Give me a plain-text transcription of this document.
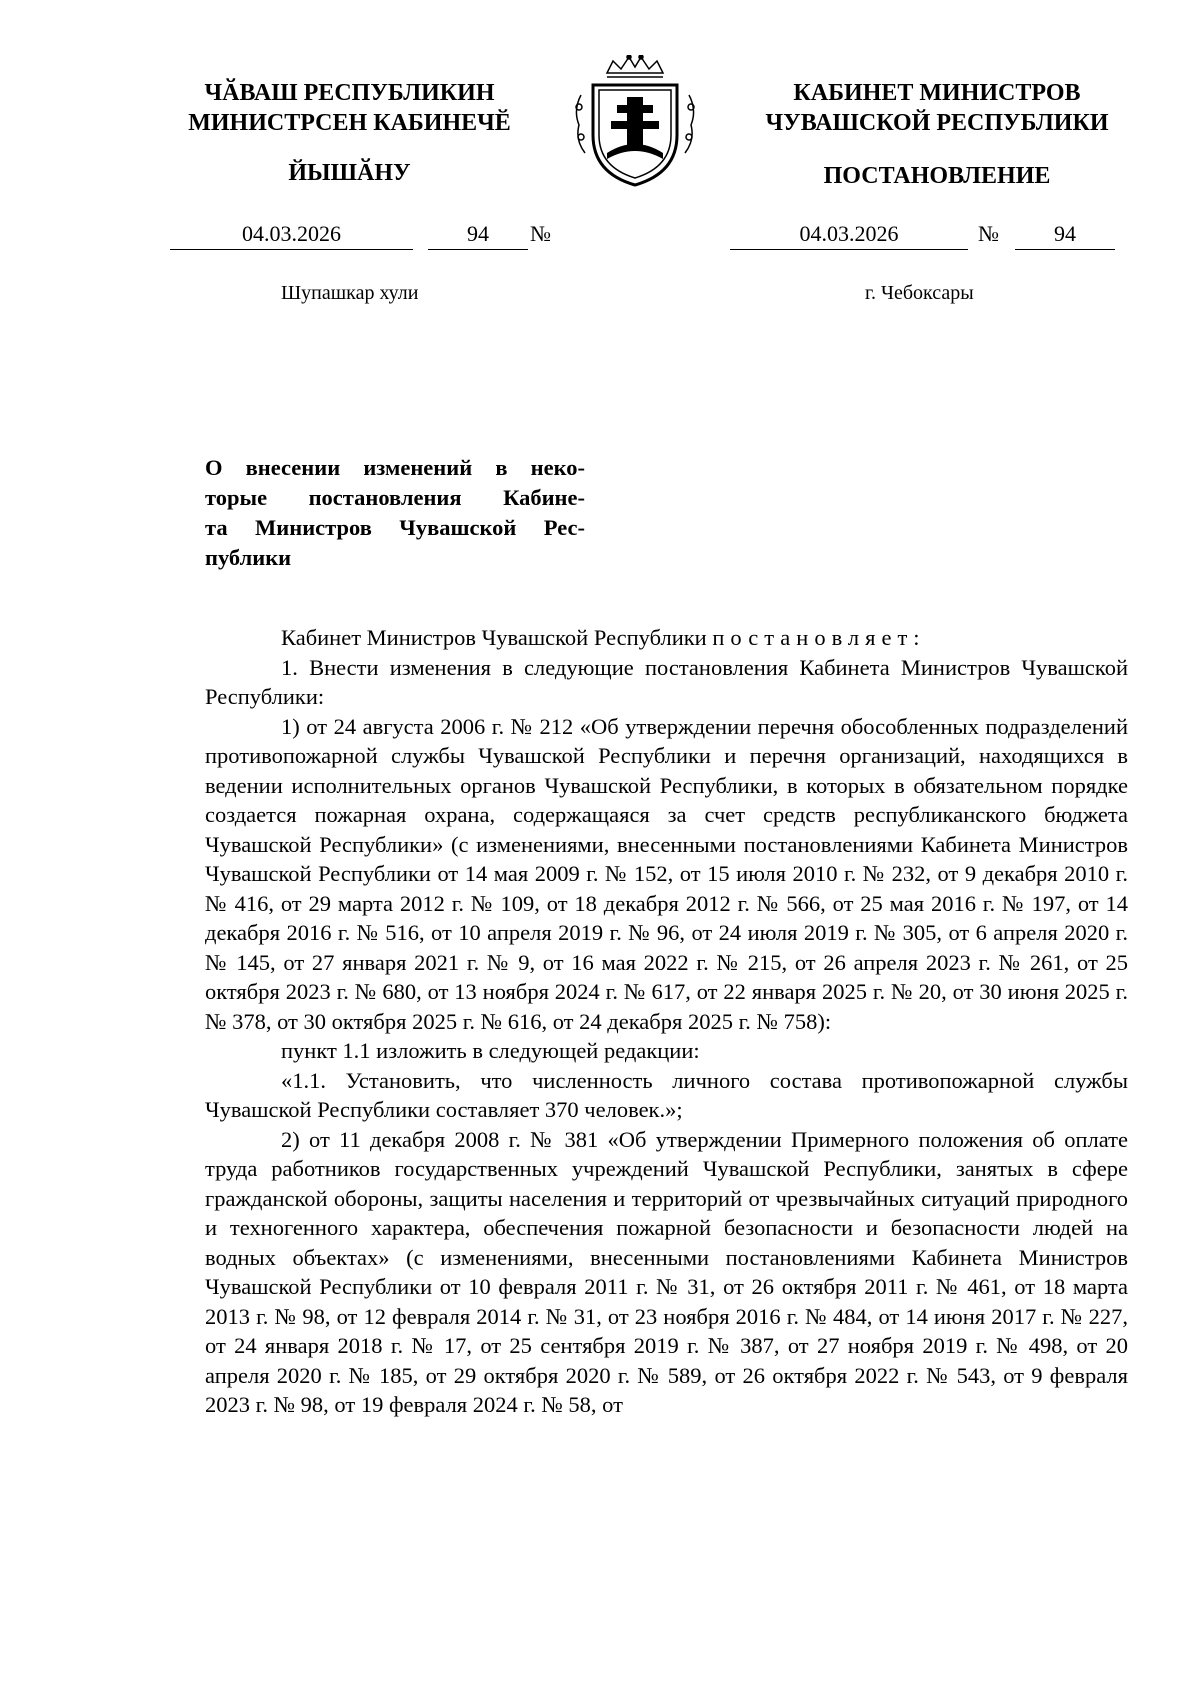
ЧӐВАШ РЕСПУБЛИКИН
МИНИСТРСЕН КАБИНЕЧӖ
ЙЫШӐНУ
КАБИНЕТ МИНИСТРОВ
ЧУВАШСКОЙ РЕСПУБЛИКИ
ПОСТАНОВЛЕНИЕ
04.03.2026	94	№	04.03.2026	№	94
Шупашкар хули	г. Чебоксары
О внесении изменений в неко-
торые постановления Кабине-
та Министров Чувашской Рес-
публики

Кабинет Министров Чувашской Республики постановляет:

1. Внести изменения в следующие постановления Кабинета Министров Чувашской Республики:

1) от 24 августа 2006 г. № 212 «Об утверждении перечня обособленных подразделений противопожарной службы Чувашской Республики и перечня организаций, находящихся в ведении исполнительных органов Чувашской Республики, в которых в обязательном порядке создается пожарная охрана, содержащаяся за счет средств республиканского бюджета Чувашской Республики» (с изменениями, внесенными постановлениями Кабинета Министров Чувашской Республики от 14 мая 2009 г. № 152, от 15 июля 2010 г. № 232, от 9 декабря 2010 г. № 416, от 29 марта 2012 г. № 109, от 18 декабря 2012 г. № 566, от 25 мая 2016 г. № 197, от 14 декабря 2016 г. № 516, от 10 апреля 2019 г. № 96, от 24 июля 2019 г. № 305, от 6 апреля 2020 г. № 145, от 27 января 2021 г. № 9, от 16 мая 2022 г. № 215, от 26 апреля 2023 г. № 261, от 25 октября 2023 г. № 680, от 13 ноября 2024 г. № 617, от 22 января 2025 г. № 20, от 30 июня 2025 г. № 378, от 30 октября 2025 г. № 616, от 24 декабря 2025 г. № 758):

пункт 1.1 изложить в следующей редакции:

«1.1. Установить, что численность личного состава противопожарной службы Чувашской Республики составляет 370 человек.»;

2) от 11 декабря 2008 г. № 381 «Об утверждении Примерного положения об оплате труда работников государственных учреждений Чувашской Республики, занятых в сфере гражданской обороны, защиты населения и территорий от чрезвычайных ситуаций природного и техногенного характера, обеспечения пожарной безопасности и безопасности людей на водных объектах» (с изменениями, внесенными постановлениями Кабинета Министров Чувашской Республики от 10 февраля 2011 г. № 31, от 26 октября 2011 г. № 461, от 18 марта 2013 г. № 98, от 12 февраля 2014 г. № 31, от 23 ноября 2016 г. № 484, от 14 июня 2017 г. № 227, от 24 января 2018 г. № 17, от 25 сентября 2019 г. № 387, от 27 ноября 2019 г. № 498, от 20 апреля 2020 г. № 185, от 29 октября 2020 г. № 589, от 26 октября 2022 г. № 543, от 9 февраля 2023 г. № 98, от 19 февраля 2024 г. № 58, от
